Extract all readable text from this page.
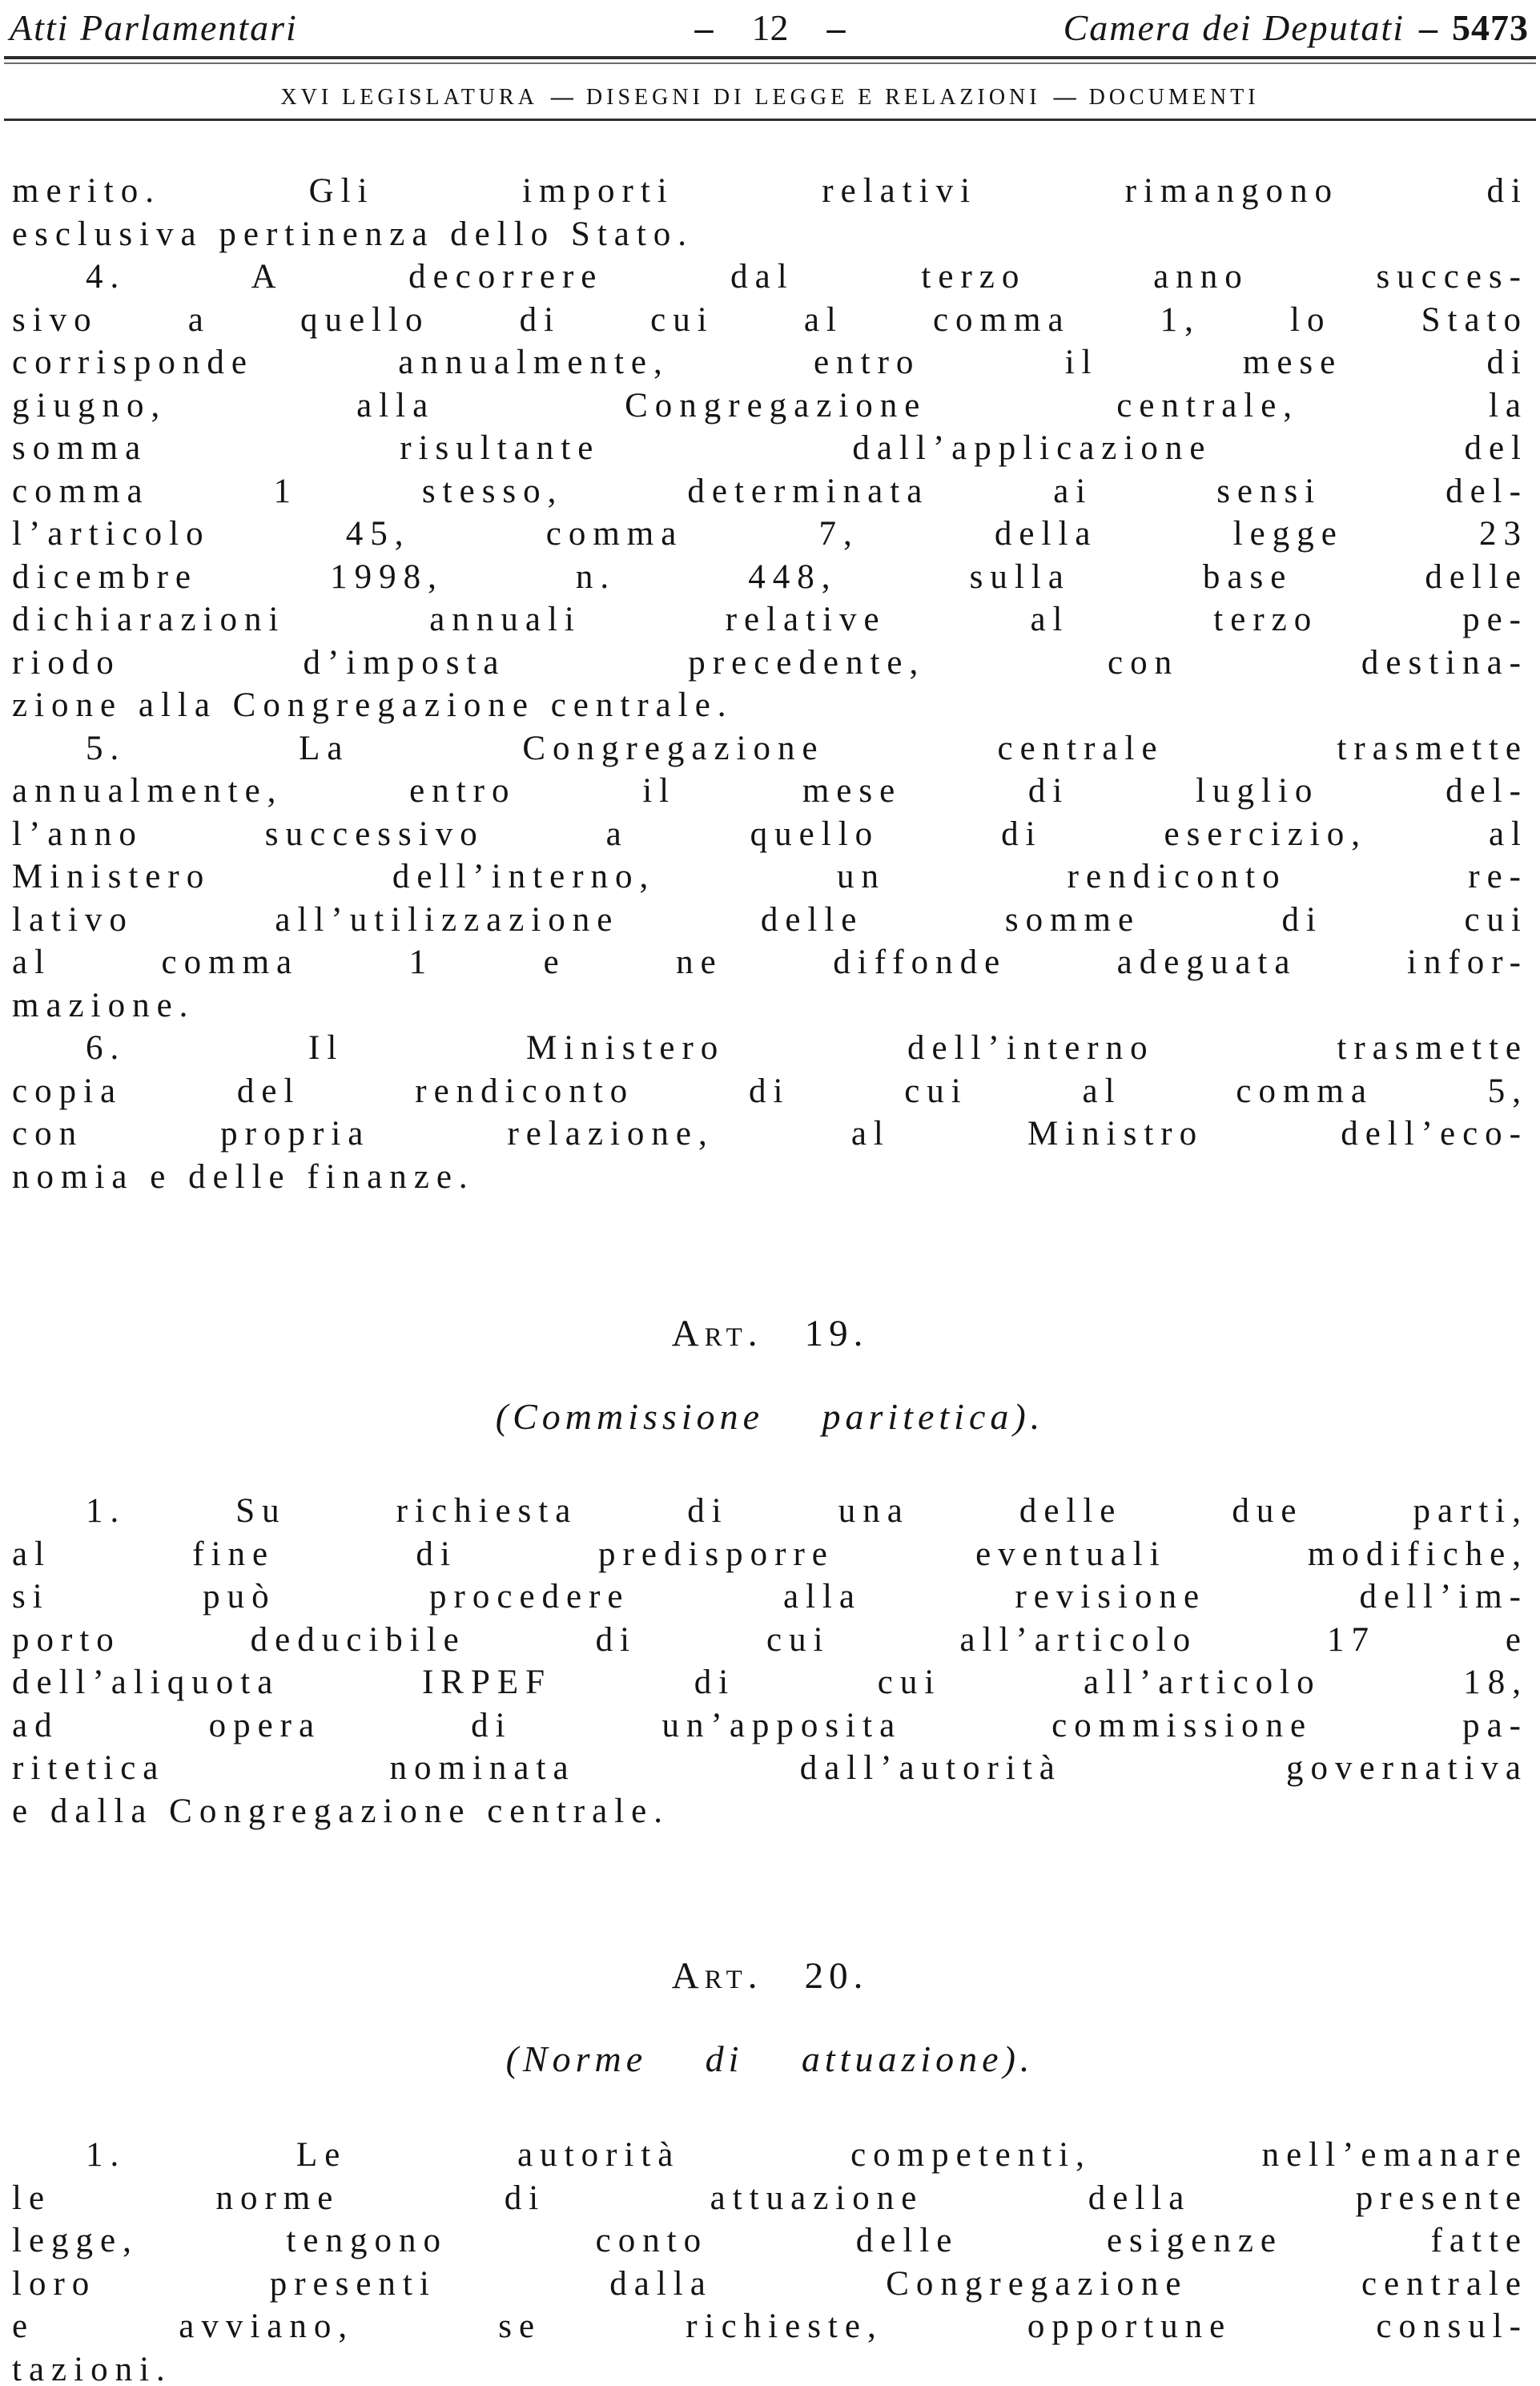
Atti Parlamentari	– 12 –	Camera dei Deputati – 5473
XVI LEGISLATURA — DISEGNI DI LEGGE E RELAZIONI — DOCUMENTI
merito. Gli importi relativi rimangono di
esclusiva pertinenza dello Stato.
4. A decorrere dal terzo anno succes-
sivo a quello di cui al comma 1, lo Stato
corrisponde annualmente, entro il mese di
giugno, alla Congregazione centrale, la
somma risultante dall’applicazione del
comma 1 stesso, determinata ai sensi del-
l’articolo 45, comma 7, della legge 23
dicembre 1998, n. 448, sulla base delle
dichiarazioni annuali relative al terzo pe-
riodo d’imposta precedente, con destina-
zione alla Congregazione centrale.
5. La Congregazione centrale trasmette
annualmente, entro il mese di luglio del-
l’anno successivo a quello di esercizio, al
Ministero dell’interno, un rendiconto re-
lativo all’utilizzazione delle somme di cui
al comma 1 e ne diffonde adeguata infor-
mazione.
6. Il Ministero dell’interno trasmette
copia del rendiconto di cui al comma 5,
con propria relazione, al Ministro dell’eco-
nomia e delle finanze.
Art. 19.
(Commissione paritetica).
1. Su richiesta di una delle due parti,
al fine di predisporre eventuali modifiche,
si può procedere alla revisione dell’im-
porto deducibile di cui all’articolo 17 e
dell’aliquota IRPEF di cui all’articolo 18,
ad opera di un’apposita commissione pa-
ritetica nominata dall’autorità governativa
e dalla Congregazione centrale.
Art. 20.
(Norme di attuazione).
1. Le autorità competenti, nell’emanare
le norme di attuazione della presente
legge, tengono conto delle esigenze fatte
loro presenti dalla Congregazione centrale
e avviano, se richieste, opportune consul-
tazioni.
